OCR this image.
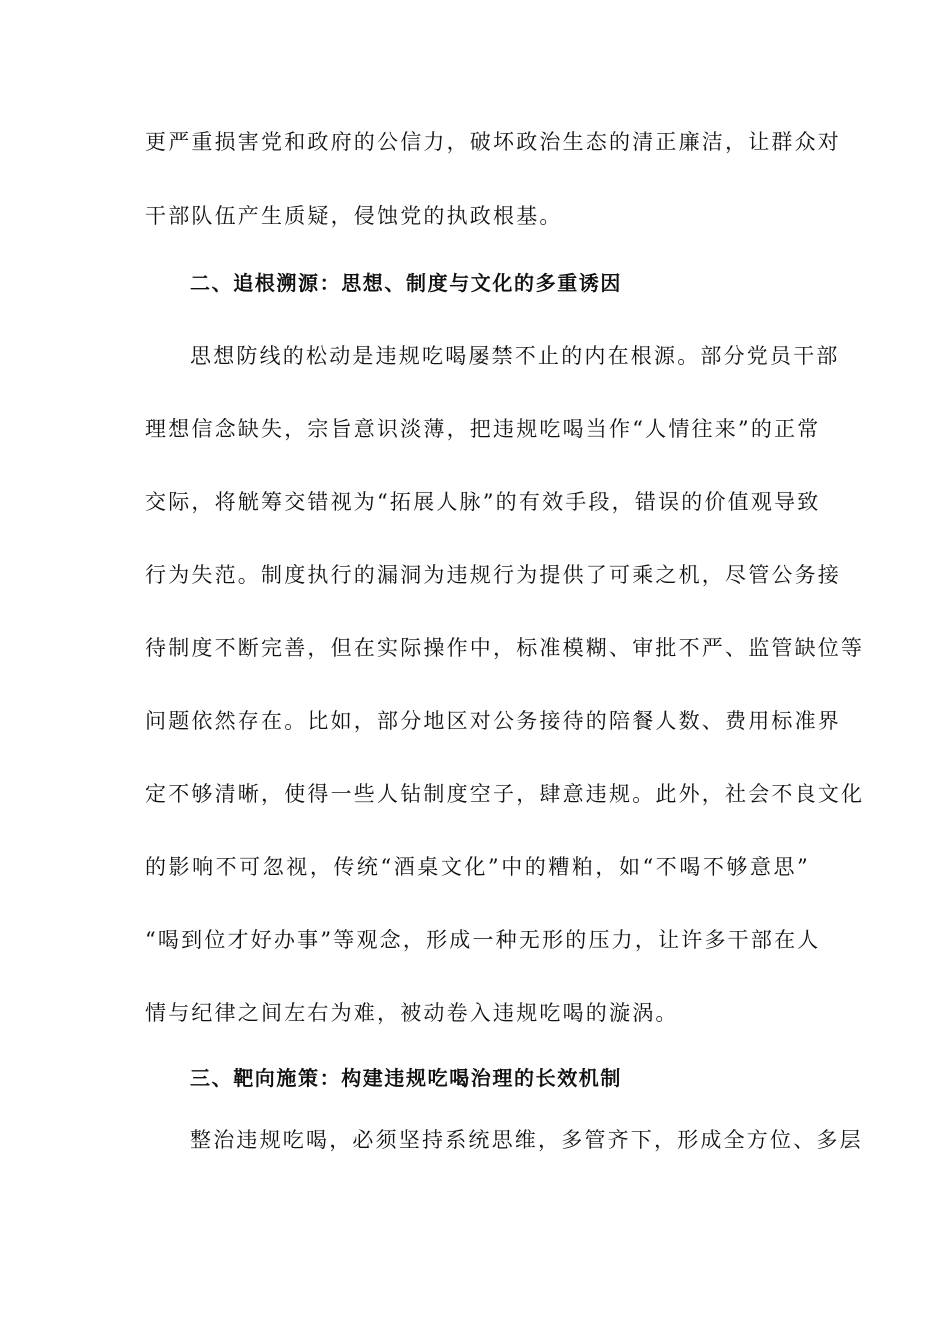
更严重损害党和政府的公信力，破坏政治生态的清正廉洁，让群众对
干部队伍产生质疑，侵蚀党的执政根基。
二、追根溯源：思想、制度与文化的多重诱因
思想防线的松动是违规吃喝屡禁不止的内在根源。部分党员干部
理想信念缺失，宗旨意识淡薄，把违规吃喝当作“人情往来”的正常
交际，将觥筹交错视为“拓展人脉”的有效手段，错误的价值观导致
行为失范。制度执行的漏洞为违规行为提供了可乘之机，尽管公务接
待制度不断完善，但在实际操作中，标准模糊、审批不严、监管缺位等
问题依然存在。比如，部分地区对公务接待的陪餐人数、费用标准界
定不够清晰，使得一些人钻制度空子，肆意违规。此外，社会不良文化
的影响不可忽视，传统“酒桌文化”中的糟粕，如“不喝不够意思”
“喝到位才好办事”等观念，形成一种无形的压力，让许多干部在人
情与纪律之间左右为难，被动卷入违规吃喝的漩涡。
三、靶向施策：构建违规吃喝治理的长效机制
整治违规吃喝，必须坚持系统思维，多管齐下，形成全方位、多层
